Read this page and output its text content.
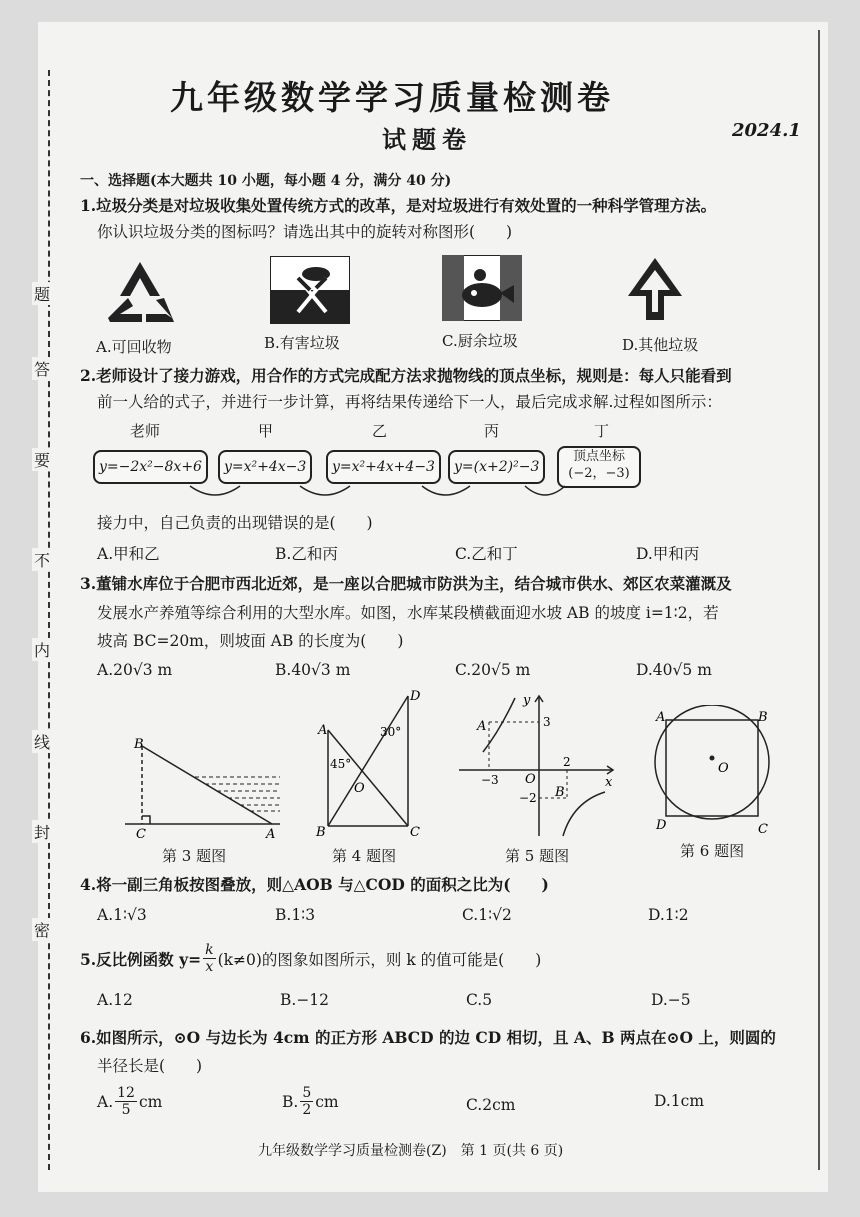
题
答
要
不
内
线
封
密
九年级数学学习质量检测卷
试题卷	2024.1
一、选择题(本大题共 10 小题，每小题 4 分，满分 40 分)
1.垃圾分类是对垃圾收集处置传统方式的改革，是对垃圾进行有效处置的一种科学管理方法。
你认识垃圾分类的图标吗？请选出其中的旋转对称图形(　　)
A.可回收物	B.有害垃圾	C.厨余垃圾	D.其他垃圾
2.老师设计了接力游戏，用合作的方式完成配方法求抛物线的顶点坐标，规则是：每人只能看到
前一人给的式子，并进行一步计算，再将结果传递给下一人，最后完成求解.过程如图所示：
老师	甲	乙	丙	丁
y=−2x²−8x+6	y=x²+4x−3	y=x²+4x+4−3	y=(x+2)²−3
顶点坐标
(−2，−3)
接力中，自己负责的出现错误的是(　　)
A.甲和乙	B.乙和丙	C.乙和丁	D.甲和丙
3.董铺水库位于合肥市西北近郊，是一座以合肥城市防洪为主，结合城市供水、郊区农菜灌溉及
发展水产养殖等综合利用的大型水库。如图，水库某段横截面迎水坡 AB 的坡度 i=1∶2，若
坡高 BC=20m，则坡面 AB 的长度为(　　)
A.20√3 m	B.40√3 m	C.20√5 m	D.40√5 m
B
C	A
第 3 题图
A
D
O
B	C
45°
30°
第 4 题图
A
B
O
y
x
3
−3
2
−2
第 5 题图
A	B
C
D
O
第 6 题图
4.将一副三角板按图叠放，则△AOB 与△COD 的面积之比为(　　)
A.1∶√3	B.1∶3	C.1∶√2	D.1∶2
5.反比例函数 $y= \frac{k}{x} (k\ne 0)$的图象如图所示，则 k 的值可能是(　　)
A.12	B.−12	C.5	D.−5
6.如图所示，⊙O 与边长为 4cm 的正方形 ABCD 的边 CD 相切，且 A、B 两点在⊙O 上，则圆的
半径长是(　　)
A. $\frac{12}{5}$ cm	B. $\frac{5}{2}$ cm	C.2cm	D.1cm
九年级数学学习质量检测卷(Z)　第 1 页(共 6 页)
